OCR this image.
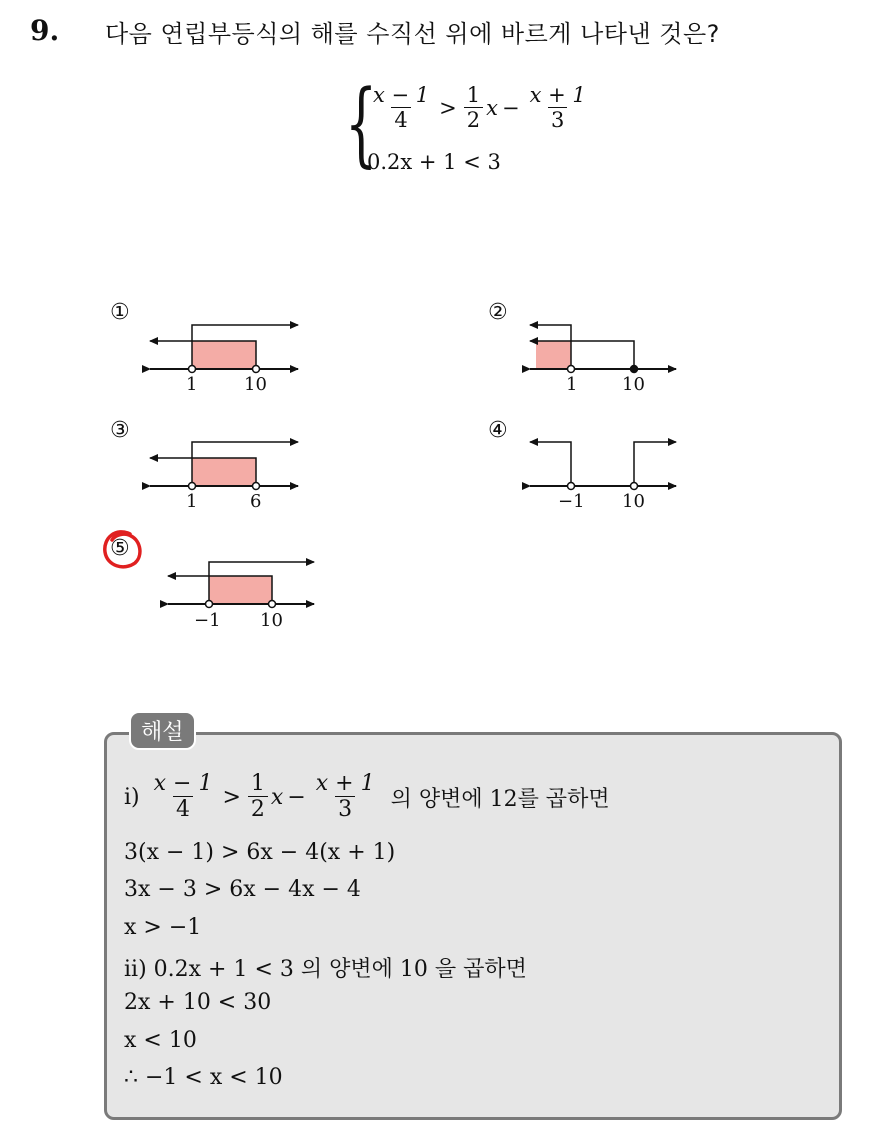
9. 다음 연립부등식의 해를 수직선 위에 바르게 나타낸 것은?
{
$\frac{x - 1}{4} > \frac{1}{2}$ $x - \frac{x + 1}{3}$
0.2x + 1 < 3
①
1	10
②
1 10
③
1	6
④
−1 10
⑤
−1 10
해설
$i) \frac{x - 1}{4} > \frac{1}{2}$ $x - \frac{x + 1}{3}$ 의 양변에 12를 곱하면
3(x − 1) > 6x − 4(x + 1)
3x − 3 > 6x − 4x − 4
x > −1
ii) 0.2x + 1 < 3 의 양변에 10 을 곱하면
2x + 10 < 30
x < 10
∴ −1 < x < 10
